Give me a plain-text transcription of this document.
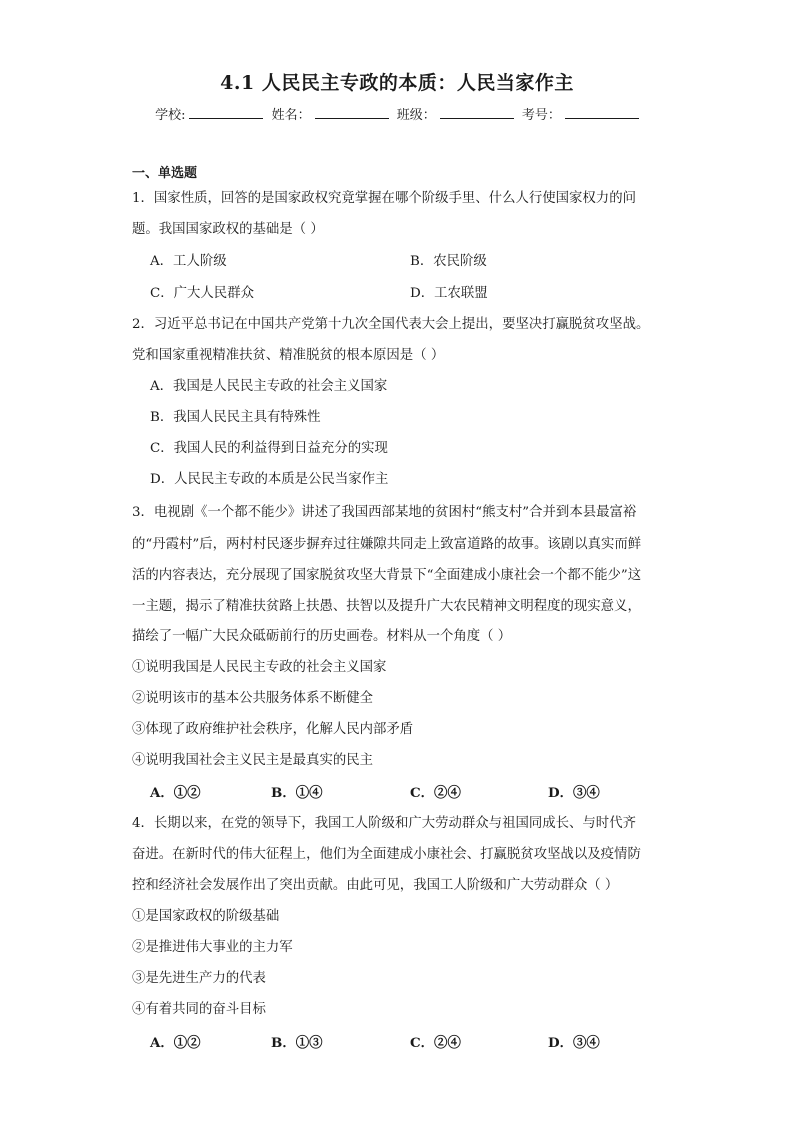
4.1 人民民主专政的本质：人民当家作主
学校:	姓名：	班级：	考号：
一、单选题
1．国家性质，回答的是国家政权究竟掌握在哪个阶级手里、什么人行使国家权力的问
题。我国国家政权的基础是（ ）
A．工人阶级	B．农民阶级
C．广大人民群众	D．工农联盟
2．习近平总书记在中国共产党第十九次全国代表大会上提出，要坚决打赢脱贫攻坚战。
党和国家重视精准扶贫、精准脱贫的根本原因是（ ）
A．我国是人民民主专政的社会主义国家
B．我国人民民主具有特殊性
C．我国人民的利益得到日益充分的实现
D．人民民主专政的本质是公民当家作主
3．电视剧《一个都不能少》讲述了我国西部某地的贫困村“熊支村”合并到本县最富裕
的“丹霞村”后，两村村民逐步摒弃过往嫌隙共同走上致富道路的故事。该剧以真实而鲜
活的内容表达，充分展现了国家脱贫攻坚大背景下“全面建成小康社会一个都不能少”这
一主题，揭示了精准扶贫路上扶愚、扶智以及提升广大农民精神文明程度的现实意义，
描绘了一幅广大民众砥砺前行的历史画卷。材料从一个角度（ ）
①说明我国是人民民主专政的社会主义国家
②说明该市的基本公共服务体系不断健全
③体现了政府维护社会秩序，化解人民内部矛盾
④说明我国社会主义民主是最真实的民主
A．①②	B．①④	C．②④	D．③④
4．长期以来，在党的领导下，我国工人阶级和广大劳动群众与祖国同成长、与时代齐
奋进。在新时代的伟大征程上，他们为全面建成小康社会、打赢脱贫攻坚战以及疫情防
控和经济社会发展作出了突出贡献。由此可见，我国工人阶级和广大劳动群众（ ）
①是国家政权的阶级基础
②是推进伟大事业的主力军
③是先进生产力的代表
④有着共同的奋斗目标
A．①②	B．①③	C．②④	D．③④
